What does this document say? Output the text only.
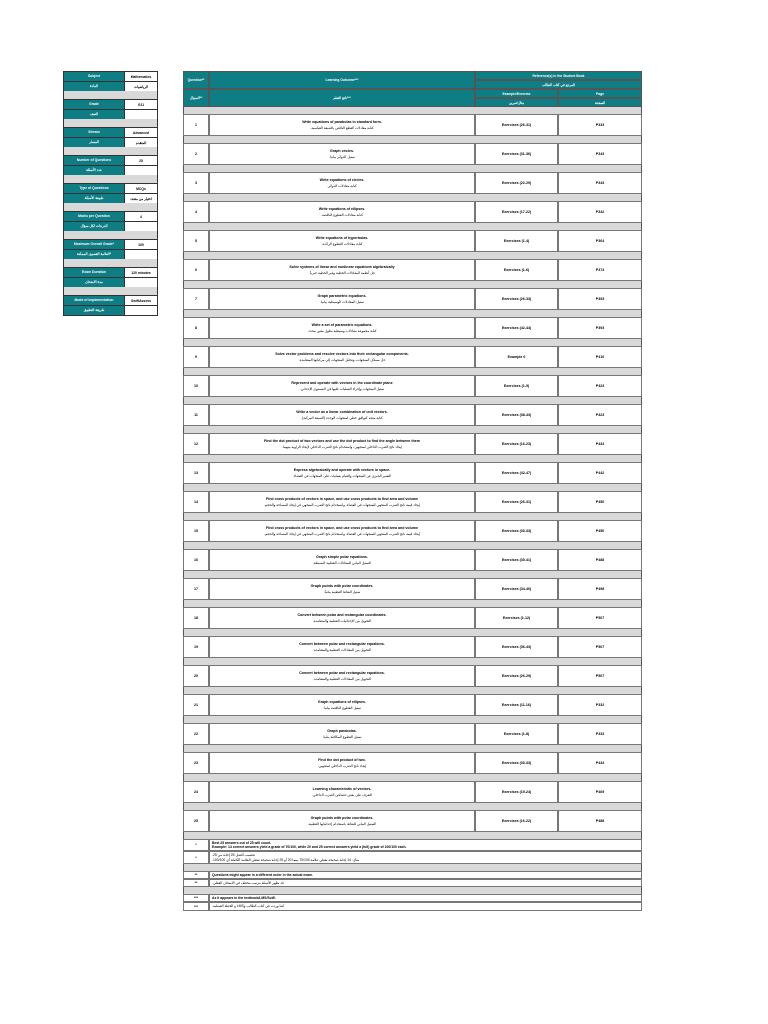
Subject	Mathematics
المادة	الرياضيات
Grade	G11
الصف
Stream	Advanced
المسار	المتقدم
Number of Questions	25
عدد الأسئلة
Type of Questions	MCQs
طبيعة الأسئلة	اختيار من متعدد
Marks per Question	4
الدرجات لكل سؤال
Maximum Overall Grade*	100
العلامة القصوى الممكنة*
Exam Duration	120 minutes
مدة الامتحان
Mode of Implementation	SwiftAssess
طريقة التطبيق
Question**	Learning Outcome***
Reference(s) in the Student Book
المرجع في كتاب الطالب
السؤال**	ناتج التعلم***
Example/Exercise
مثال/تمرين
Page
الصفحة
1
Write equations of parabolas in standard form.
كتابة معادلات القطع الناقص بالصيغة القياسية.
Exercises (26-31)	P333
2
Graph circles.
تمثيل الدوائر بيانيا.
Exercises (31-36)	P343
3
Write equations of circles.
كتابة معادلات الدوائر.
Exercises (22-29)	P343
4
Write equations of ellipses.
كتابة معادلات القطوع الناقصة.
Exercises (17-22)	P342
5
Write equations of hyperbolas.
كتابة معادلات القطوع الزائدة.
Exercises (1-4)	P364
6
Solve systems of linear and nonlinear equations algebraically
حل أنظمة المعادلات الخطية وغير الخطية جبرياً.
Exercises (1-6)	P374
7
Graph parametric equations.
تمثيل المعادلات الوسيطية بيانيا.
Exercises (26-33)	P393
8
Write a set of parametric equations.
كتابة مجموعة معادلات وسيطية بطول معين محدد.
Exercises (42-44)	P393
9
Solve vector problems and resolve vectors into their rectangular components.
حل مسائل المتجهات، وتحليل المتجهات إلى مركباتها المتعامدة.
Example 6	P410
10
Represent and operate with vectors in the coordinate plane
تمثيل المتجهات وإجراء العمليات عليها في المستوى الإحداثي.
Exercises (1-9)	P423
11
Write a vector as a linear combination of unit vectors.
كتابة متجه كتوافق خطي لمتجهات الوحدة (الصيغة المركبة).
Exercises (38-43)	P423
12
Find the dot product of two vectors and use the dot product to find the angle between them
إيجاد ناتج الضرب الداخلي لمتجهين، واستخدام ناتج الضرب الداخلي لإيجاد الزاوية بينهما.
Exercises (16-23)	P434
13
Express algebraically and operate with vectors in space.
التعبير الجبري عن المتجهات والقيام بعمليات على المتجهات في الفضاء.
Exercises (42-47)	P442
14
Find cross products of vectors in space, and use cross products to find area and volume
إيجاد قيمة ناتج الضرب المتجهي للمتجهات في الفضاء، واستخدام ناتج الضرب المتجهي في إيجاد المساحة والحجم.
Exercises (26-31)	P450
15
Find cross products of vectors in space, and use cross products to find area and volume
إيجاد قيمة ناتج الضرب المتجهي للمتجهات في الفضاء، واستخدام ناتج الضرب المتجهي في إيجاد المساحة والحجم.
Exercises (30-33)	P450
16
Graph simple polar equations.
التمثيل البياني للمعادلات القطبية البسيطة.
Exercises (30-41)	P488
17
Graph points with polar coordinates.
تمثيل النقاط القطبية بيانياً.
Exercises (34-40)	P498
18
Convert between polar and rectangular coordinates.
التحويل بين الإحداثيات القطبية والمتعامدة.
Exercises (1-12)	P507
19
Convert between polar and rectangular equations.
التحويل بين المعادلات القطبية والمتعامدة.
Exercises (36-43)	P507
20
Convert between polar and rectangular equations.
التحويل بين المعادلات القطبية والمتعامدة.
Exercises (26-29)	P507
21
Graph equations of ellipses.
تمثيل القطوع الناقصة بيانيا.
Exercises (11-16)	P332
22
Graph parabolas.
تمثيل القطوع المكافئة بيانيا.
Exercises (1-8)	P333
23
Find the dot product of two.
إيجاد ناتج الضرب الداخلي لمتجهين.
Exercises (30-33)	P434
24
Learning characteristic of vectors.
التعرف على بعض خصائص الضرب الداخلي.
Exercises (19-24)	P469
25
Graph points with polar coordinates.
التمثيل البياني للنقاط باستخدام إحداثياتها القطبية.
Exercises (16-22)	P488
*
Best 25 answers out of 25 will count.
Example: 14 correct answers yield a grade of 70/100, while 20 and 25 correct answers yield a (full) grade of 100/100 each.
*
تحتسب أفضل 25 إجابة من 25.
مثال: 14 إجابة صحيحة تعطي علامة 70/100 بينما 20 أو 25 إجابة صحيحة تعطي العلامة الكاملة أي 100/100.
**	Questions might appear in a different order in the actual exam.
**	قد تظهر الأسئلة بترتيب مختلف في الامتحان الفعلي.
***	As it appears in the textbook/LMS/SoW.
***	كما وردت في كتاب الطالب وLMS و الخطة الفصلية.
